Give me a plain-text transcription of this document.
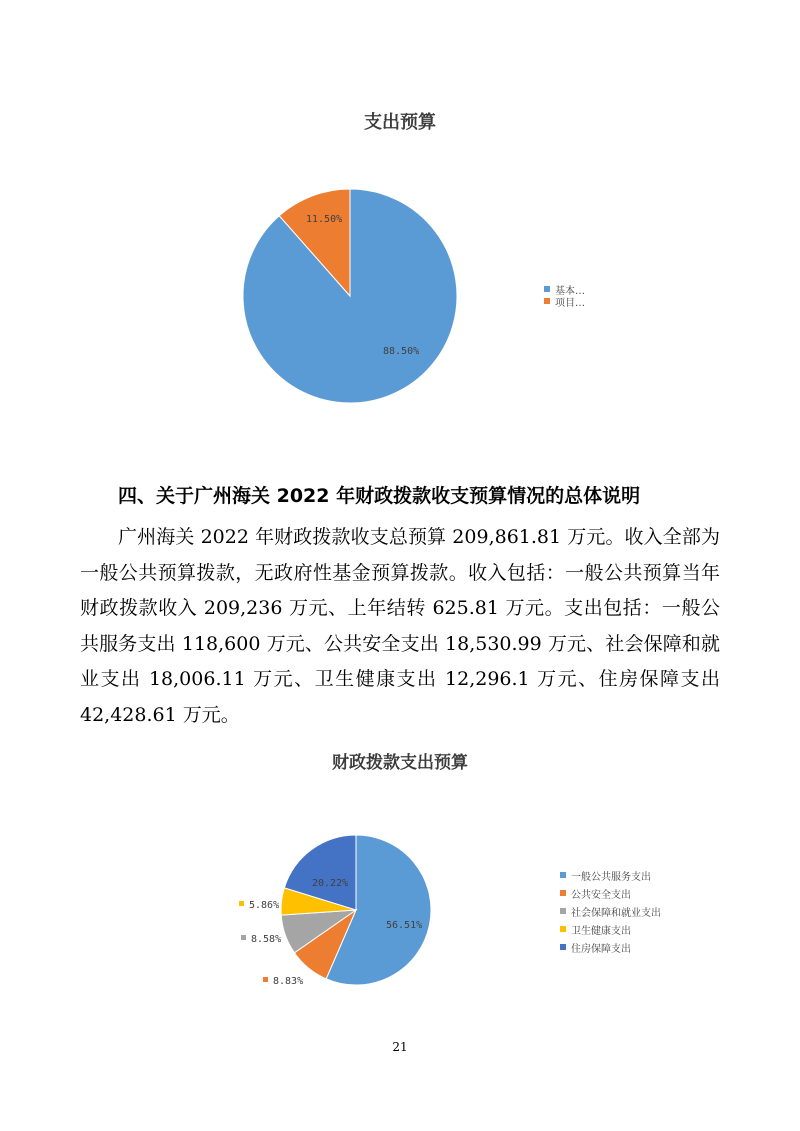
支出预算
88.50%
11.50%
基本…
项目…
四、关于广州海关 2022 年财政拨款收支预算情况的总体说明
广州海关 2022 年财政拨款收支总预算 209,861.81 万元。收入全部为一般公共预算拨款，无政府性基金预算拨款。收入包括：一般公共预算当年财政拨款收入 209,236 万元、上年结转 625.81 万元。支出包括：一般公共服务支出 118,600 万元、公共安全支出 18,530.99 万元、社会保障和就业支出 18,006.11 万元、卫生健康支出 12,296.1 万元、住房保障支出 42,428.61 万元。
财政拨款支出预算
56.51%
8.83%
8.58%
5.86%
20.22%
一般公共服务支出
公共安全支出
社会保障和就业支出
卫生健康支出
住房保障支出
21
